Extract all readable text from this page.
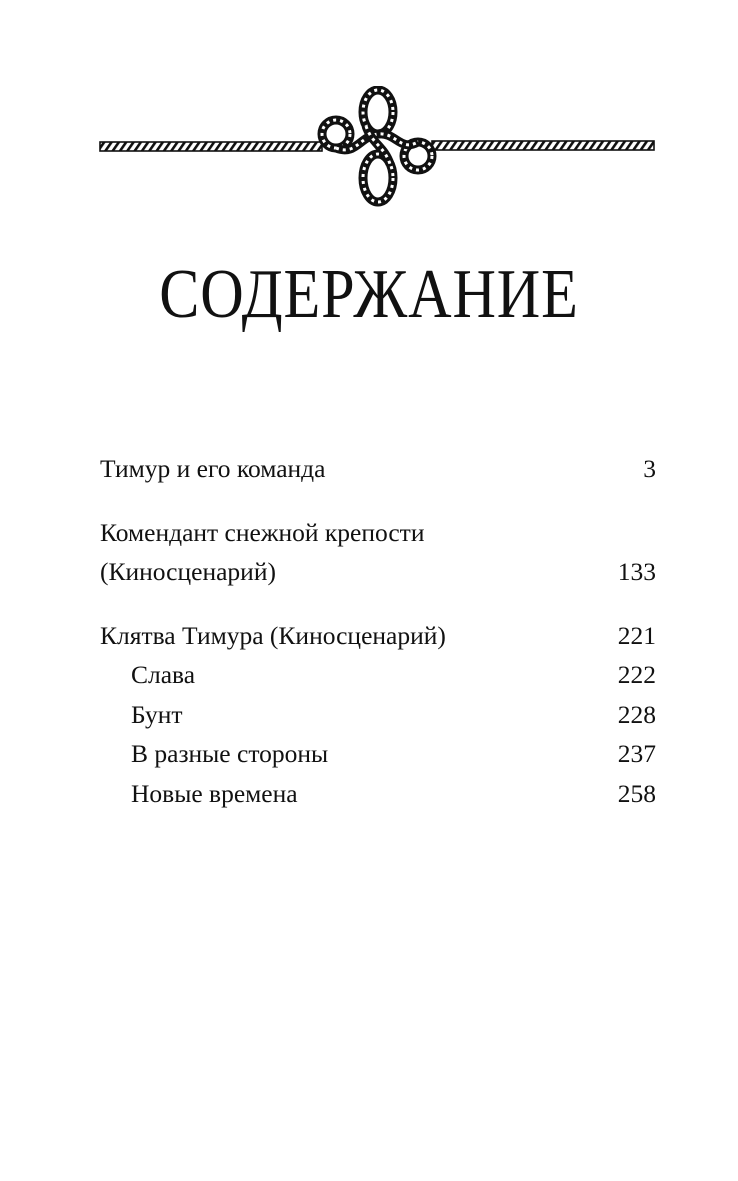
СОДЕРЖАНИЕ
Тимур и его команда	3
Комендант снежной крепости
(Киносценарий)	133
Клятва Тимура (Киносценарий)	221
Слава	222
Бунт	228
В разные стороны	237
Новые времена	258
